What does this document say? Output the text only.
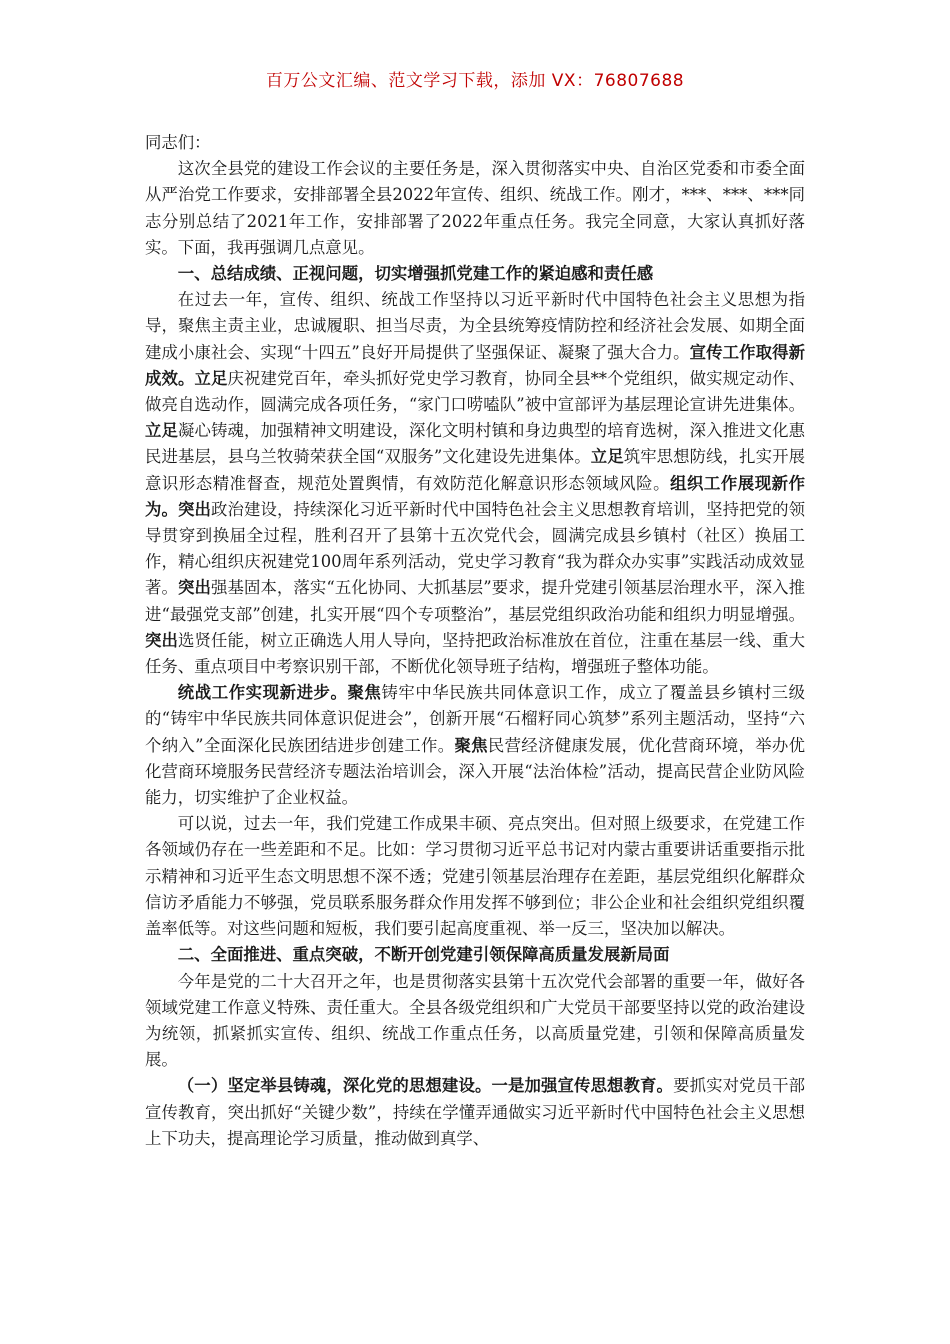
百万公文汇编、范文学习下载，添加 VX：76807688

同志们：

这次全县党的建设工作会议的主要任务是，深入贯彻落实中央、自治区党委和市委全面从严治党工作要求，安排部署全县2022年宣传、组织、统战工作。刚才，***、***、***同志分别总结了2021年工作，安排部署了2022年重点任务。我完全同意，大家认真抓好落实。下面，我再强调几点意见。

一、总结成绩、正视问题，切实增强抓党建工作的紧迫感和责任感

在过去一年，宣传、组织、统战工作坚持以习近平新时代中国特色社会主义思想为指导，聚焦主责主业，忠诚履职、担当尽责，为全县统筹疫情防控和经济社会发展、如期全面建成小康社会、实现“十四五”良好开局提供了坚强保证、凝聚了强大合力。宣传工作取得新成效。立足庆祝建党百年，牵头抓好党史学习教育，协同全县**个党组织，做实规定动作、做亮自选动作，圆满完成各项任务，“家门口唠嗑队”被中宣部评为基层理论宣讲先进集体。立足凝心铸魂，加强精神文明建设，深化文明村镇和身边典型的培育选树，深入推进文化惠民进基层，县乌兰牧骑荣获全国“双服务”文化建设先进集体。立足筑牢思想防线，扎实开展意识形态精准督查，规范处置舆情，有效防范化解意识形态领域风险。组织工作展现新作为。突出政治建设，持续深化习近平新时代中国特色社会主义思想教育培训，坚持把党的领导贯穿到换届全过程，胜利召开了县第十五次党代会，圆满完成县乡镇村（社区）换届工作，精心组织庆祝建党100周年系列活动，党史学习教育“我为群众办实事”实践活动成效显著。突出强基固本，落实“五化协同、大抓基层”要求，提升党建引领基层治理水平，深入推进“最强党支部”创建，扎实开展“四个专项整治”，基层党组织政治功能和组织力明显增强。突出选贤任能，树立正确选人用人导向，坚持把政治标准放在首位，注重在基层一线、重大任务、重点项目中考察识别干部，不断优化领导班子结构，增强班子整体功能。

统战工作实现新进步。聚焦铸牢中华民族共同体意识工作，成立了覆盖县乡镇村三级的“铸牢中华民族共同体意识促进会”，创新开展“石榴籽同心筑梦”系列主题活动，坚持“六个纳入”全面深化民族团结进步创建工作。聚焦民营经济健康发展，优化营商环境，举办优化营商环境服务民营经济专题法治培训会，深入开展“法治体检”活动，提高民营企业防风险能力，切实维护了企业权益。

可以说，过去一年，我们党建工作成果丰硕、亮点突出。但对照上级要求，在党建工作各领域仍存在一些差距和不足。比如：学习贯彻习近平总书记对内蒙古重要讲话重要指示批示精神和习近平生态文明思想不深不透；党建引领基层治理存在差距，基层党组织化解群众信访矛盾能力不够强，党员联系服务群众作用发挥不够到位；非公企业和社会组织党组织覆盖率低等。对这些问题和短板，我们要引起高度重视、举一反三，坚决加以解决。

二、全面推进、重点突破，不断开创党建引领保障高质量发展新局面

今年是党的二十大召开之年，也是贯彻落实县第十五次党代会部署的重要一年，做好各领域党建工作意义特殊、责任重大。全县各级党组织和广大党员干部要坚持以党的政治建设为统领，抓紧抓实宣传、组织、统战工作重点任务，以高质量党建，引领和保障高质量发展。

（一）坚定举县铸魂，深化党的思想建设。一是加强宣传思想教育。要抓实对党员干部宣传教育，突出抓好“关键少数”，持续在学懂弄通做实习近平新时代中国特色社会主义思想上下功夫，提高理论学习质量，推动做到真学、
